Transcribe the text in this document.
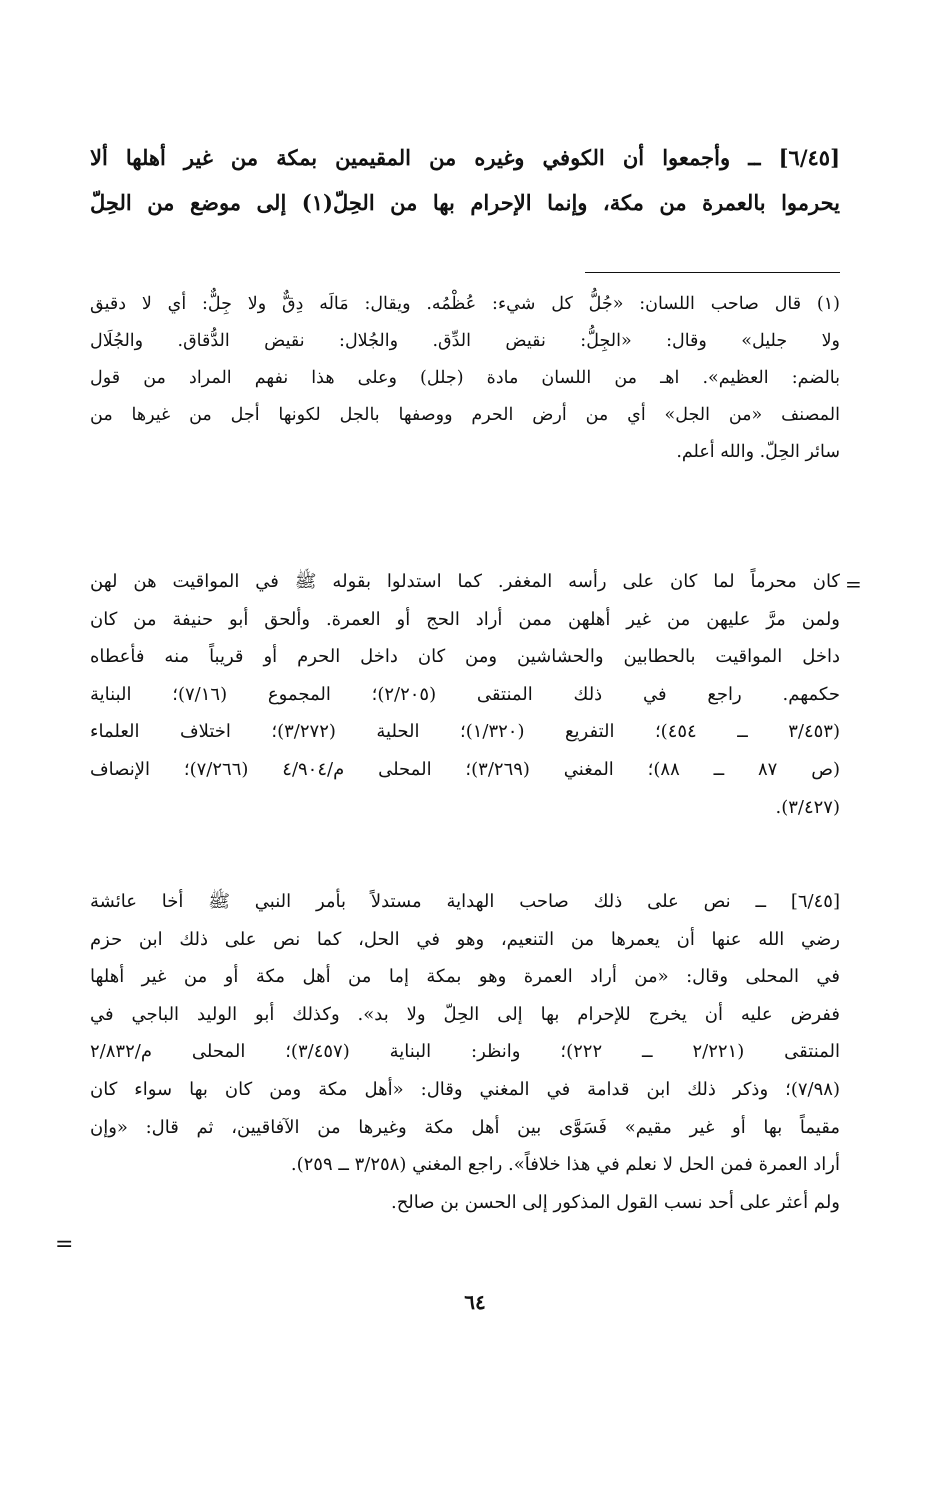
[٦/٤٥] ــ وأجمعوا أن الكوفي وغيره من المقيمين بمكة من غير أهلها ألا
يحرموا بالعمرة من مكة، وإنما الإحرام بها من الحِلّ(١) إلى موضع من الحِلّ
(١) قال صاحب اللسان: «جُلُّ كل شيء: عُظْمُه. ويقال: مَالَه دِقٌّ ولا جِلٌّ: أي لا دقيق
ولا جليل» وقال: «الجِلُّ: نقيض الدِّق. والجُلال: نقيض الدُّقاق. والجُلَال
بالضم: العظيم». اهـ من اللسان مادة (جلل) وعلى هذا نفهم المراد من قول
المصنف «من الجل» أي من أرض الحرم ووصفها بالجل لكونها أجل من غيرها من
سائر الحِلّ. والله أعلم.
=
كان محرماً لما كان على رأسه المغفر. كما استدلوا بقوله ﷺ في المواقيت هن لهن
ولمن مرَّ عليهن من غير أهلهن ممن أراد الحج أو العمرة. وألحق أبو حنيفة من كان
داخل المواقيت بالحطابين والحشاشين ومن كان داخل الحرم أو قريباً منه فأعطاه
حكمهم. راجع في ذلك المنتقى (٢/٢٠٥)؛ المجموع (٧/١٦)؛ البناية
(٣/٤٥٣ ــ ٤٥٤)؛ التفريع (١/٣٢٠)؛ الحلية (٣/٢٧٢)؛ اختلاف العلماء
(ص ٨٧ ــ ٨٨)؛ المغني (٣/٢٦٩)؛ المحلى م/٤/٩٠٤ (٧/٢٦٦)؛ الإنصاف
(٣/٤٢٧).
[٦/٤٥] ــ نص على ذلك صاحب الهداية مستدلاً بأمر النبي ﷺ أخا عائشة
رضي الله عنها أن يعمرها من التنعيم، وهو في الحل، كما نص على ذلك ابن حزم
في المحلى وقال: «من أراد العمرة وهو بمكة إما من أهل مكة أو من غير أهلها
ففرض عليه أن يخرج للإحرام بها إلى الحِلّ ولا بد». وكذلك أبو الوليد الباجي في
المنتقى (٢/٢٢١ ــ ٢٢٢)؛ وانظر: البناية (٣/٤٥٧)؛ المحلى م/٢/٨٣٢
(٧/٩٨)؛ وذكر ذلك ابن قدامة في المغني وقال: «أهل مكة ومن كان بها سواء كان
مقيماً بها أو غير مقيم» فَسَوَّى بين أهل مكة وغيرها من الآفاقيين، ثم قال: «وإن
أراد العمرة فمن الحل لا نعلم في هذا خلافاً». راجع المغني (٣/٢٥٨ ــ ٢٥٩).
ولم أعثر على أحد نسب القول المذكور إلى الحسن بن صالح.
=
٦٤
